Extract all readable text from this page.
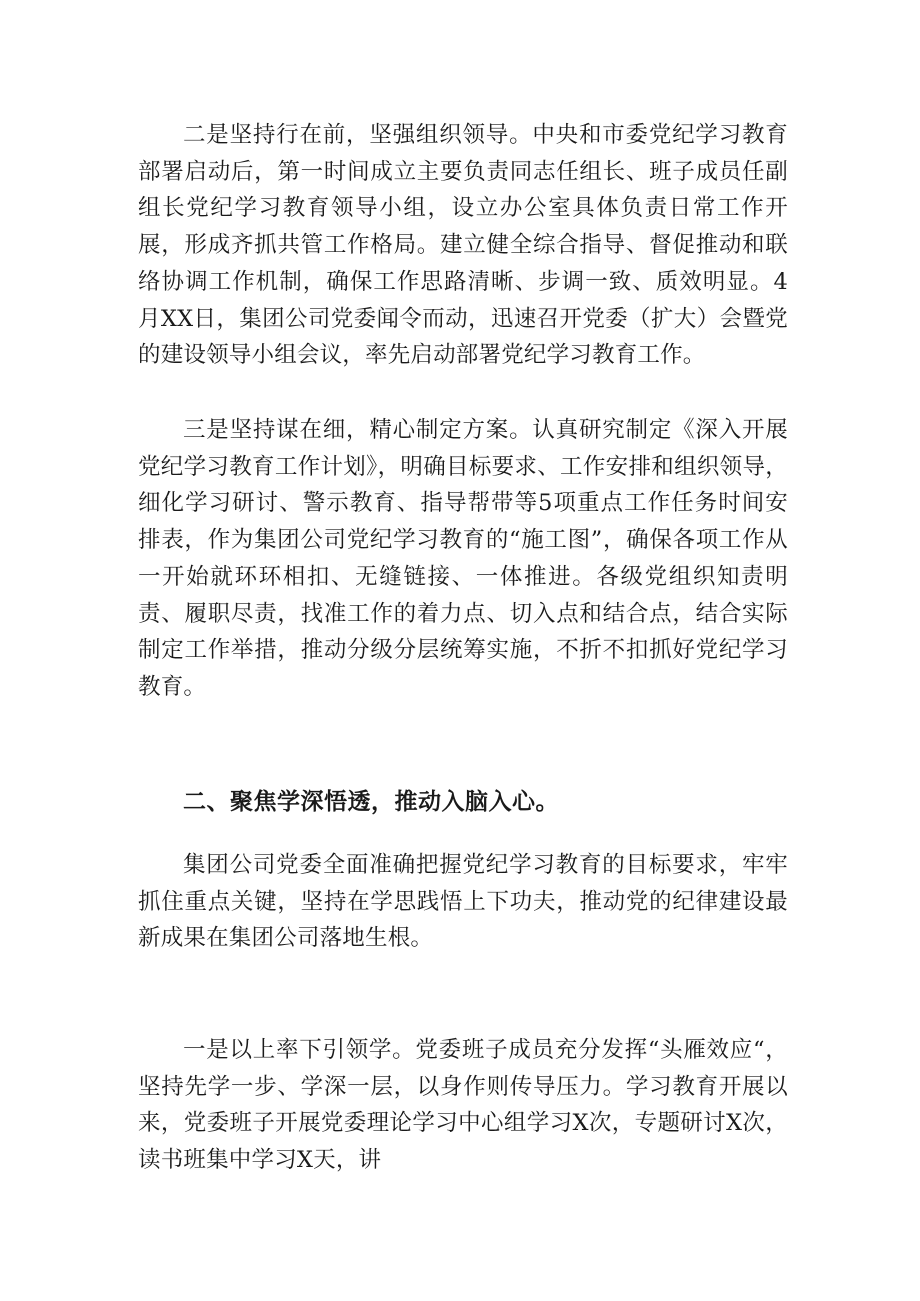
二是坚持行在前，坚强组织领导。中央和市委党纪学习教育部署启动后，第一时间成立主要负责同志任组长、班子成员任副组长党纪学习教育领导小组，设立办公室具体负责日常工作开展，形成齐抓共管工作格局。建立健全综合指导、督促推动和联络协调工作机制，确保工作思路清晰、步调一致、质效明显。4月XX日，集团公司党委闻令而动，迅速召开党委（扩大）会暨党的建设领导小组会议，率先启动部署党纪学习教育工作。

三是坚持谋在细，精心制定方案。认真研究制定《深入开展党纪学习教育工作计划》，明确目标要求、工作安排和组织领导，细化学习研讨、警示教育、指导帮带等5项重点工作任务时间安排表，作为集团公司党纪学习教育的“施工图”，确保各项工作从一开始就环环相扣、无缝链接、一体推进。各级党组织知责明责、履职尽责，找准工作的着力点、切入点和结合点，结合实际制定工作举措，推动分级分层统筹实施，不折不扣抓好党纪学习教育。

二、聚焦学深悟透，推动入脑入心。

集团公司党委全面准确把握党纪学习教育的目标要求，牢牢抓住重点关键，坚持在学思践悟上下功夫，推动党的纪律建设最新成果在集团公司落地生根。

一是以上率下引领学。党委班子成员充分发挥“头雁效应“，坚持先学一步、学深一层，以身作则传导压力。学习教育开展以来，党委班子开展党委理论学习中心组学习X次，专题研讨X次，读书班集中学习X天，讲
